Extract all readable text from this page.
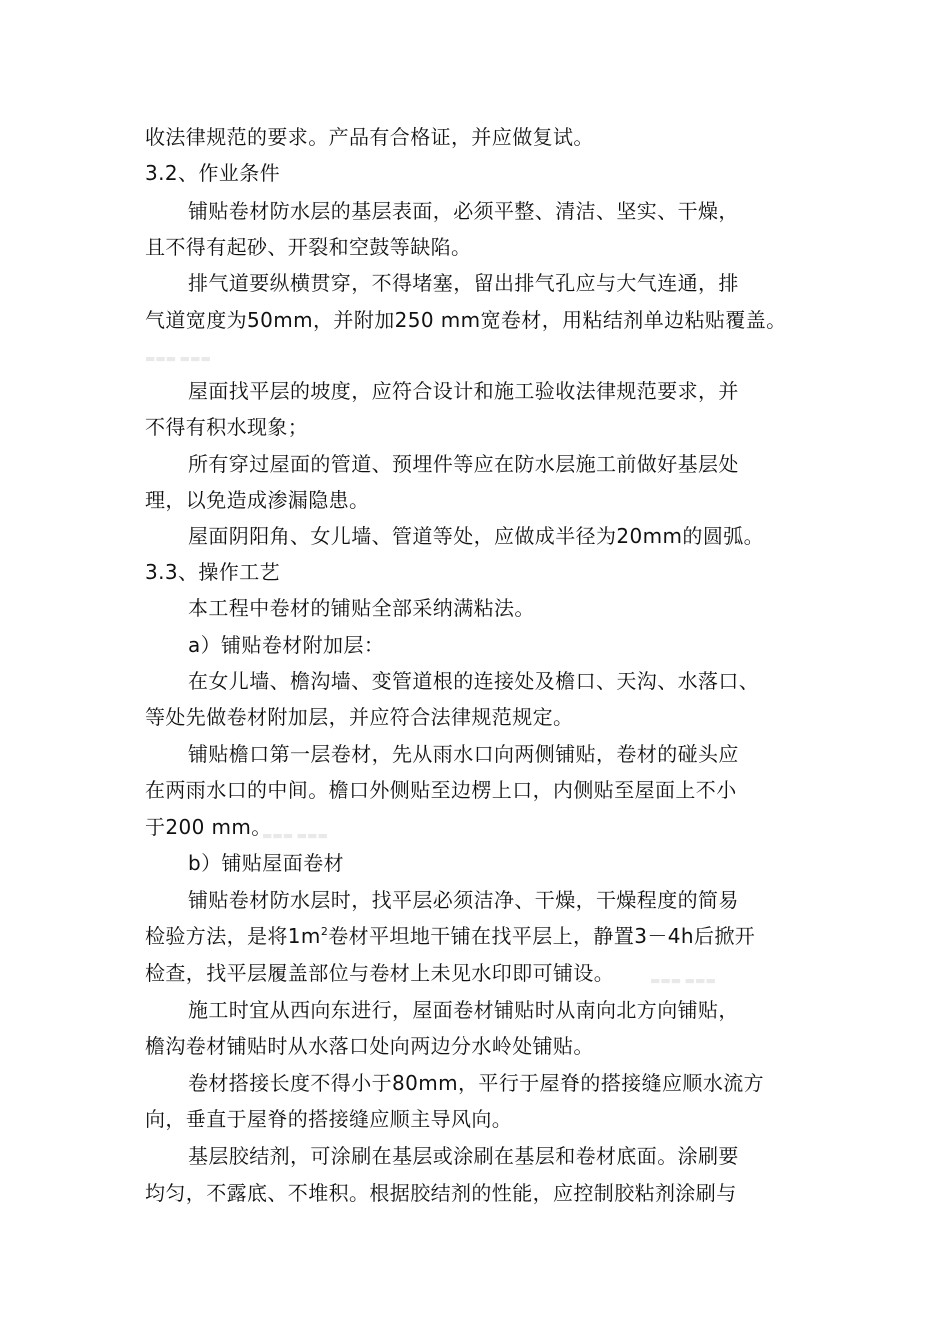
收法律规范的要求。产品有合格证，并应做复试。

3.2、作业条件

铺贴卷材防水层的基层表面，必须平整、清洁、坚实、干燥，

且不得有起砂、开裂和空鼓等缺陷。

排气道要纵横贯穿，不得堵塞，留出排气孔应与大气连通，排

气道宽度为50mm，并附加250 mm宽卷材，用粘结剂单边粘贴覆盖。

▬▬▬ ▬▬▬

屋面找平层的坡度，应符合设计和施工验收法律规范要求，并

不得有积水现象；

所有穿过屋面的管道、预埋件等应在防水层施工前做好基层处

理，以免造成渗漏隐患。

屋面阴阳角、女儿墙、管道等处，应做成半径为20mm的圆弧。

3.3、操作工艺

本工程中卷材的铺贴全部采纳满粘法。

a）铺贴卷材附加层：

在女儿墙、檐沟墙、变管道根的连接处及檐口、天沟、水落口、

等处先做卷材附加层，并应符合法律规范规定。

铺贴檐口第一层卷材，先从雨水口向两侧铺贴，卷材的碰头应

在两雨水口的中间。檐口外侧贴至边楞上口，内侧贴至屋面上不小

于200 mm。

▬▬▬ ▬▬▬

b）铺贴屋面卷材

铺贴卷材防水层时，找平层必须洁净、干燥，干燥程度的简易

检验方法，是将$1m^2$卷材平坦地干铺在找平层上，静置3－4h后掀开

检查，找平层履盖部位与卷材上未见水印即可铺设。	▬▬▬ ▬▬▬

施工时宜从西向东进行，屋面卷材铺贴时从南向北方向铺贴，

檐沟卷材铺贴时从水落口处向两边分水岭处铺贴。

卷材搭接长度不得小于80mm，平行于屋脊的搭接缝应顺水流方

向，垂直于屋脊的搭接缝应顺主导风向。

基层胶结剂，可涂刷在基层或涂刷在基层和卷材底面。涂刷要

均匀，不露底、不堆积。根据胶结剂的性能，应控制胶粘剂涂刷与
